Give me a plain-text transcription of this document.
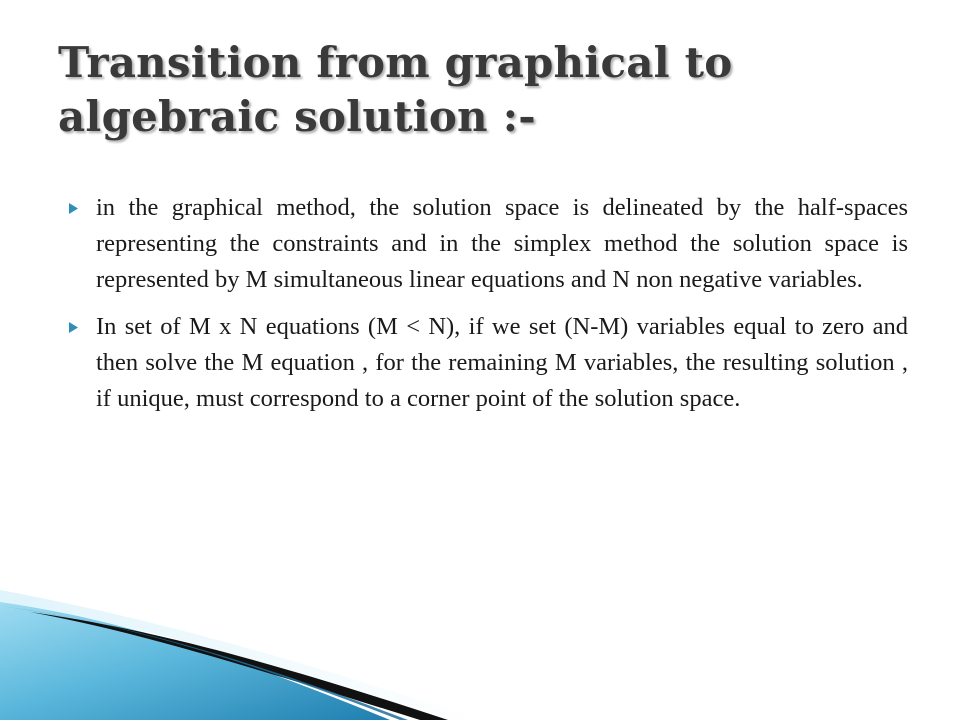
Transition from graphical to algebraic solution :-
in the graphical method, the solution space is delineated by the half-spaces representing the constraints and in the simplex method the solution space is represented by M simultaneous linear equations and N non negative variables.
In set of M x N equations (M < N), if we set (N-M) variables equal to zero and then solve the M equation , for the remaining M variables, the resulting solution , if unique, must correspond to a corner point of the solution space.
